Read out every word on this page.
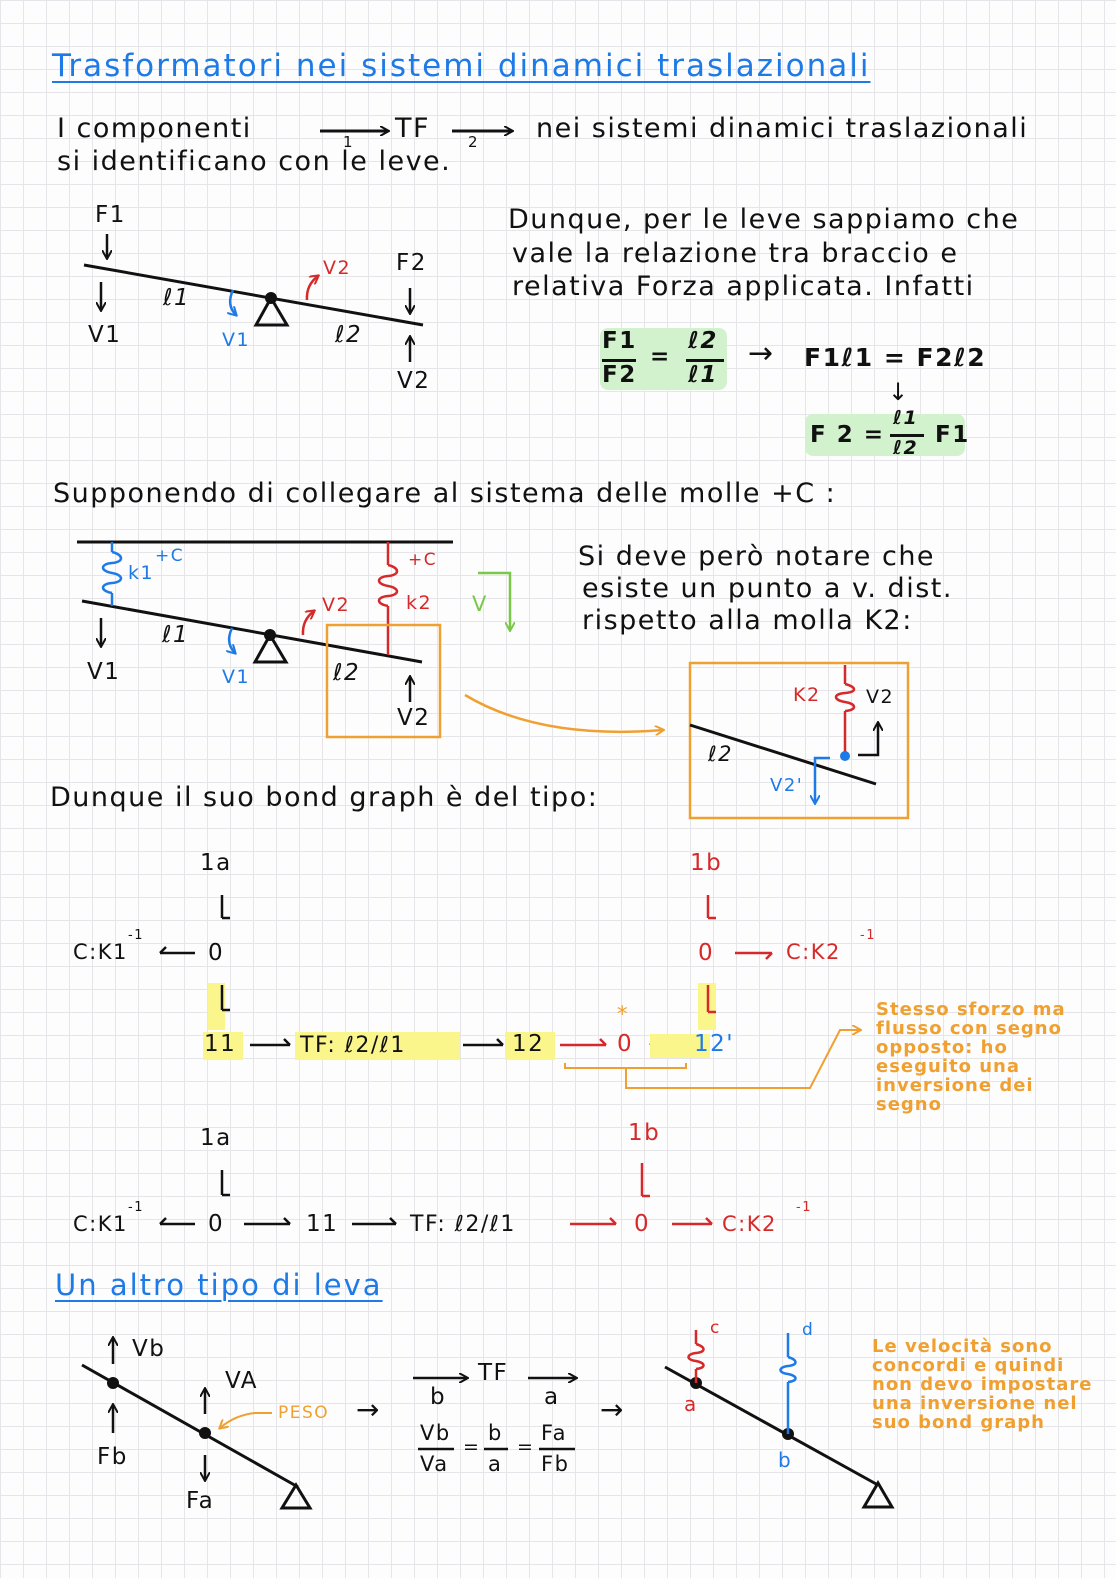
Trasformatori nei sistemi dinamici traslazionali
I componenti	TF
1	2 nei sistemi dinamici traslazionali
si identificano con le leve.
F1
F2
V1	V1
V2
V2
ℓ1
ℓ2
Dunque, per le leve sappiamo che
vale la relazione tra braccio e
relativa Forza applicata. Infatti
F1
F2
=
ℓ2
ℓ1
→ F1ℓ1 = F2ℓ2
↓
F 2 =
ℓ1
ℓ2 F1
Supponendo di collegare al sistema delle molle +C :
k1
+C	+C
k2 V
V1	V1
V2
V2
ℓ1
ℓ2
Si deve però notare che
esiste un punto a v. dist.
rispetto alla molla K2:
K2 V2
ℓ2
V2'
Dunque il suo bond graph è del tipo:
1a	1b
C:K1
-1
0	0	C:K2
-1
11	TF: ℓ2/ℓ1	12	0
*
12'
Stesso sforzo ma flusso con segno opposto: ho eseguito una inversione dei segno
1a	1b
C:K1
-1
0	11	TF: ℓ2/ℓ1	0	C:K2
-1
Un altro tipo di leva
Vb
Fb
VA
Fa
PESO → b
TF
a
Vb
Va
=
b
a
=
Fa
Fb
→
c	d
a
b
Le velocità sono concordi e quindi non devo impostare una inversione nel suo bond graph
